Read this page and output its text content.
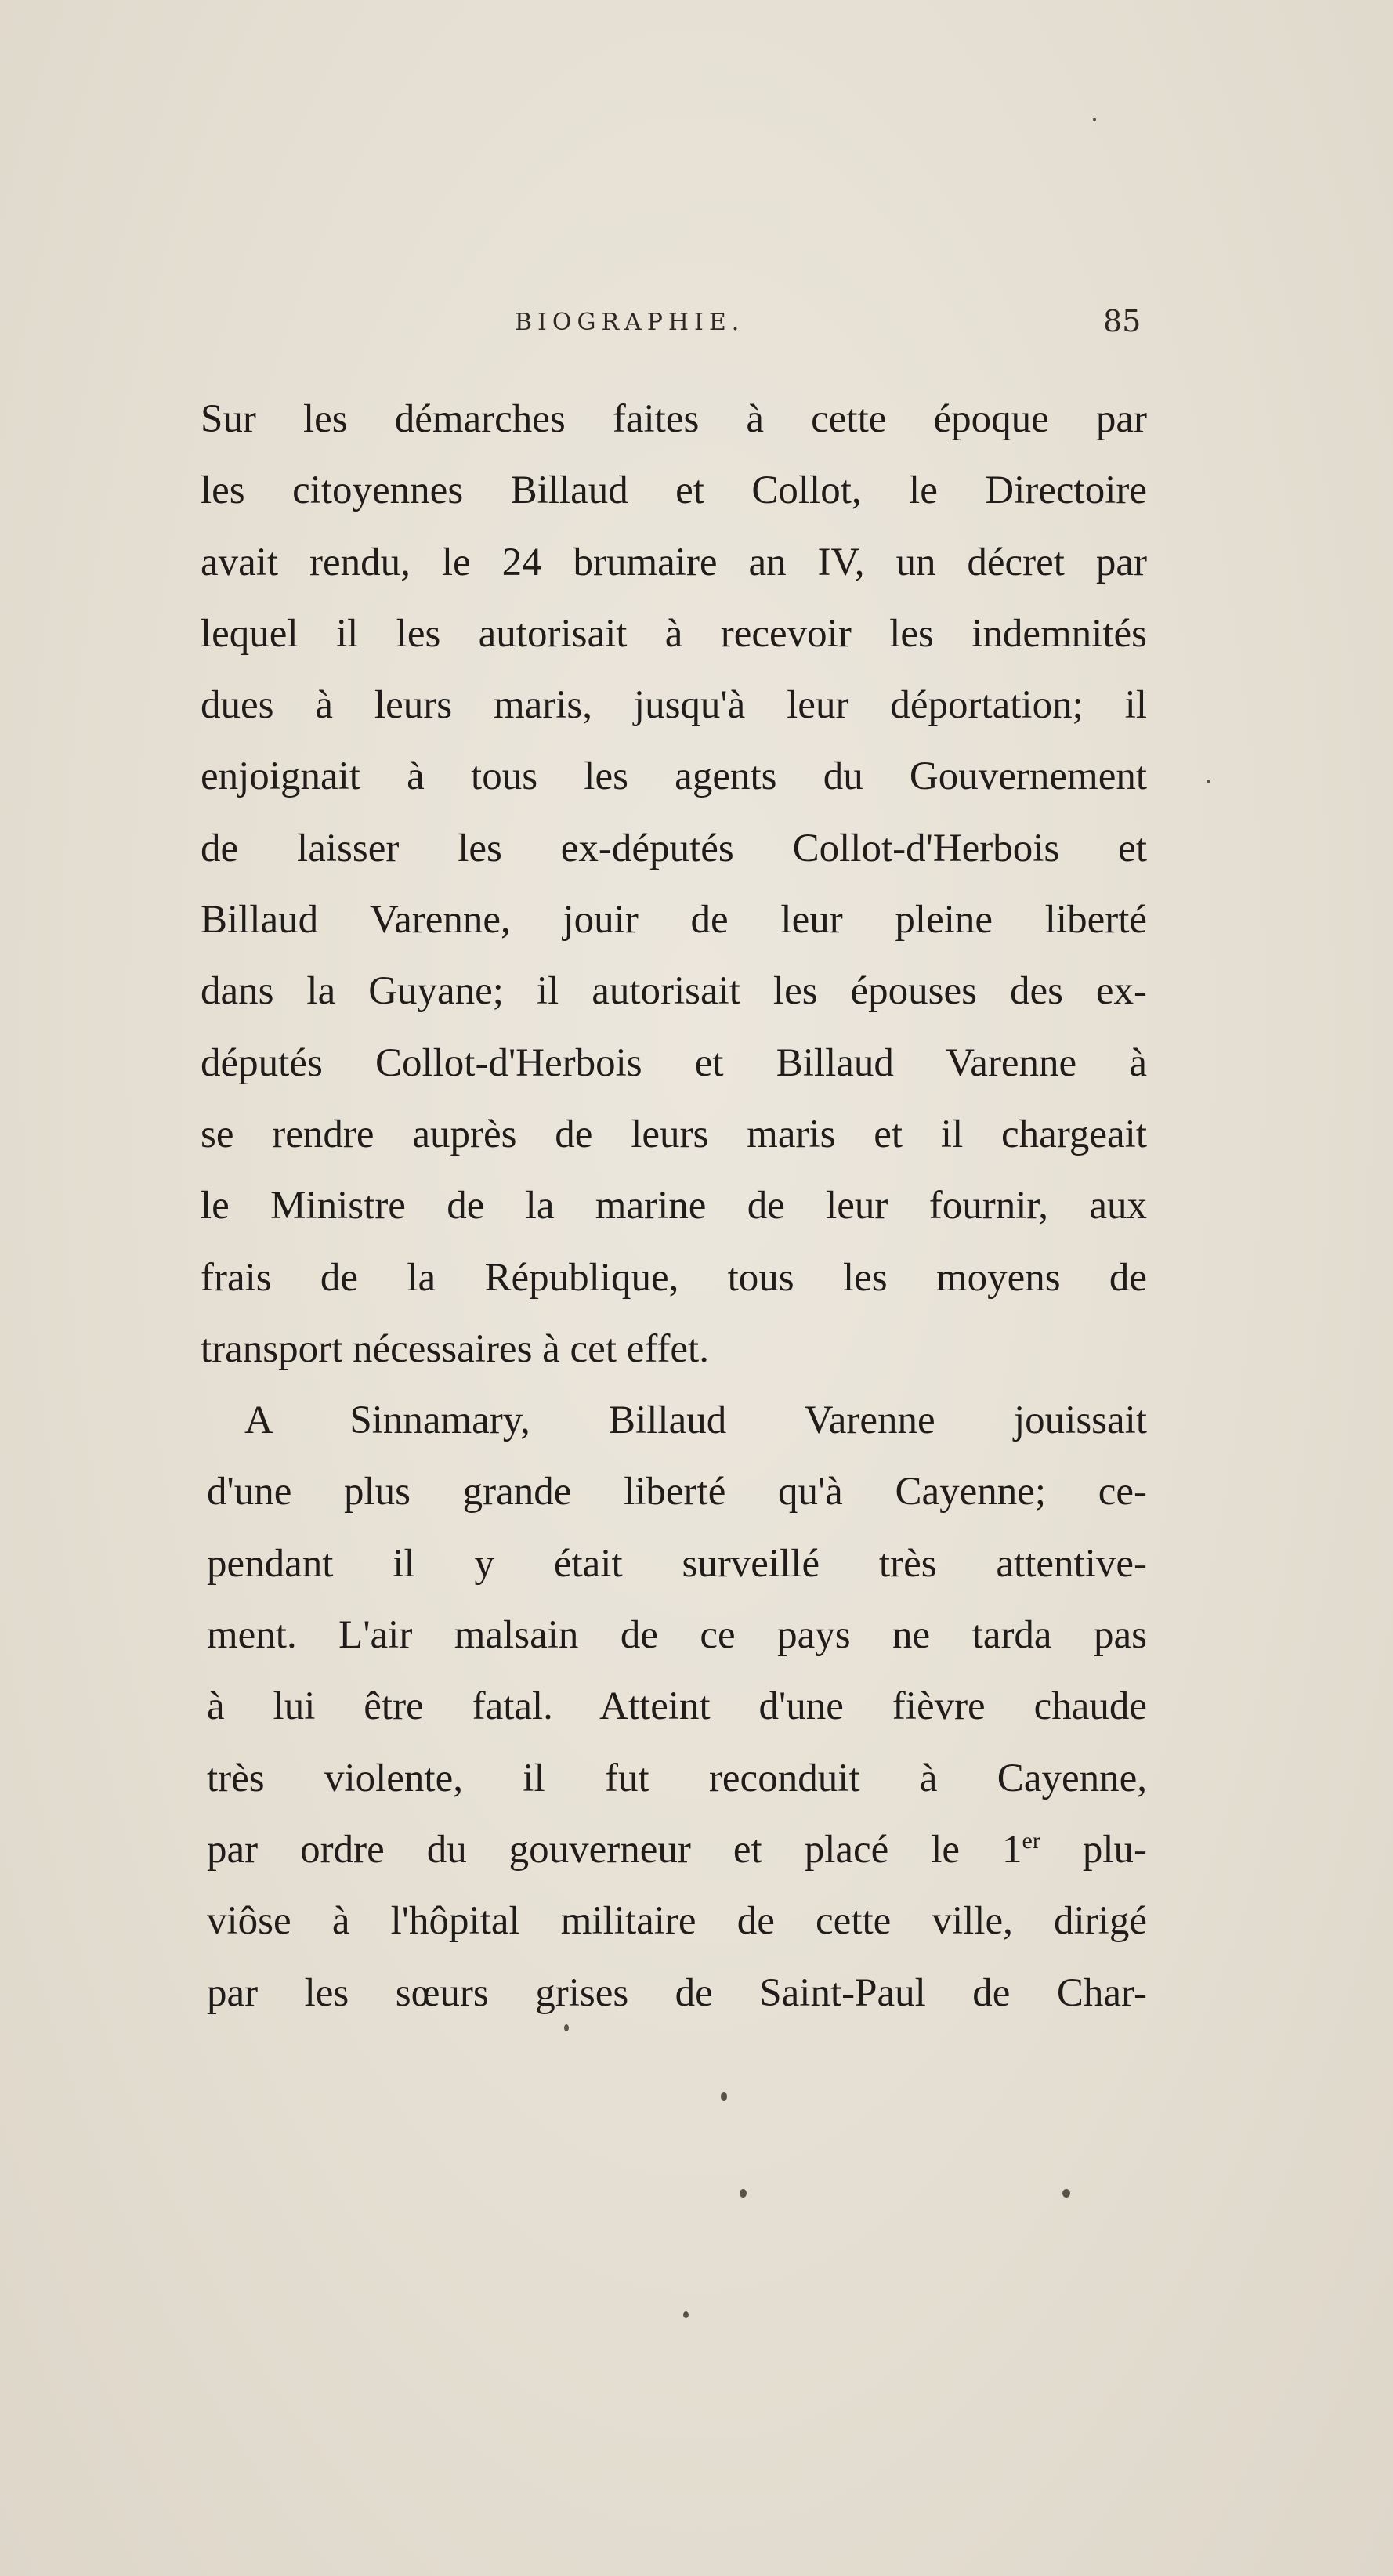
BIOGRAPHIE.	85

Sur les démarches faites à cette époque par
les citoyennes Billaud et Collot, le Directoire
avait rendu, le 24 brumaire an IV, un décret par
lequel il les autorisait à recevoir les indemnités
dues à leurs maris, jusqu'à leur déportation; il
enjoignait à tous les agents du Gouvernement
de laisser les ex-députés Collot-d'Herbois et
Billaud Varenne, jouir de leur pleine liberté
dans la Guyane; il autorisait les épouses des ex-
députés Collot-d'Herbois et Billaud Varenne à
se rendre auprès de leurs maris et il chargeait
le Ministre de la marine de leur fournir, aux
frais de la République, tous les moyens de
transport nécessaires à cet effet.

A Sinnamary, Billaud Varenne jouissait
d'une plus grande liberté qu'à Cayenne; ce-
pendant il y était surveillé très attentive-
ment. L'air malsain de ce pays ne tarda pas
à lui être fatal. Atteint d'une fièvre chaude
très violente, il fut reconduit à Cayenne,
par ordre du gouverneur et placé le 1er plu-
viôse à l'hôpital militaire de cette ville, dirigé
par les sœurs grises de Saint-Paul de Char-
